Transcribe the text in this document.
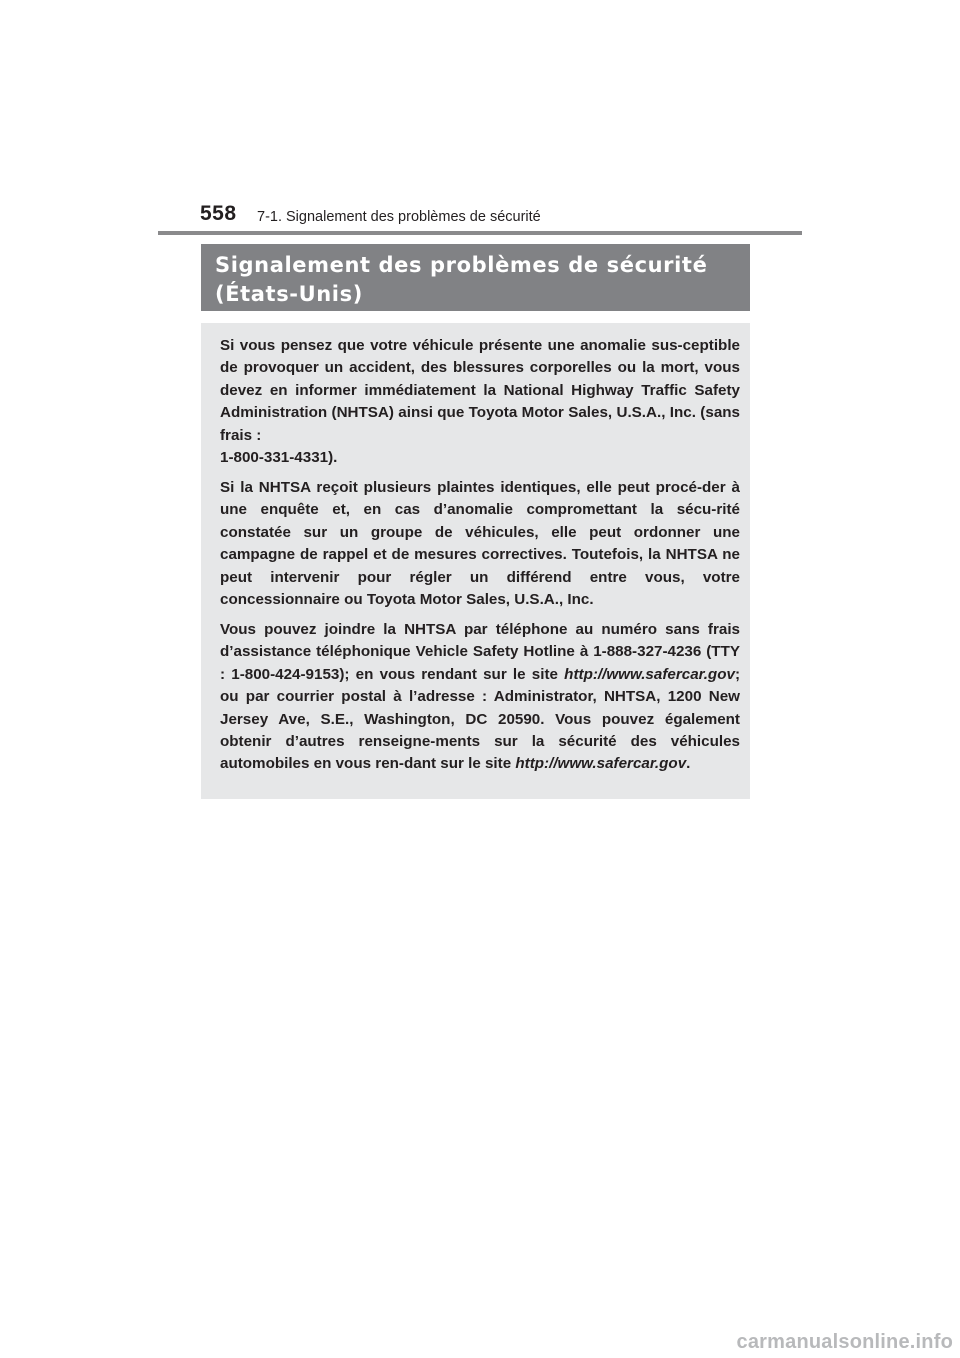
558 7-1. Signalement des problèmes de sécurité
Signalement des problèmes de sécurité
(États-Unis)

Si vous pensez que votre véhicule présente une anomalie sus-ceptible de provoquer un accident, des blessures corporelles ou la mort, vous devez en informer immédiatement la National Highway Traffic Safety Administration (NHTSA) ainsi que Toyota Motor Sales, U.S.A., Inc. (sans frais :
1-800-331-4331).

Si la NHTSA reçoit plusieurs plaintes identiques, elle peut procé-der à une enquête et, en cas d’anomalie compromettant la sécu-rité constatée sur un groupe de véhicules, elle peut ordonner une campagne de rappel et de mesures correctives. Toutefois, la NHTSA ne peut intervenir pour régler un différend entre vous, votre concessionnaire ou Toyota Motor Sales, U.S.A., Inc.

Vous pouvez joindre la NHTSA par téléphone au numéro sans frais d’assistance téléphonique Vehicle Safety Hotline à 1-888-327-4236 (TTY : 1-800-424-9153); en vous rendant sur le site http://www.safercar.gov; ou par courrier postal à l’adresse : Administrator, NHTSA, 1200 New Jersey Ave, S.E., Washington, DC 20590. Vous pouvez également obtenir d’autres renseigne-ments sur la sécurité des véhicules automobiles en vous ren-dant sur le site http://www.safercar.gov.

carmanualsonline.info
